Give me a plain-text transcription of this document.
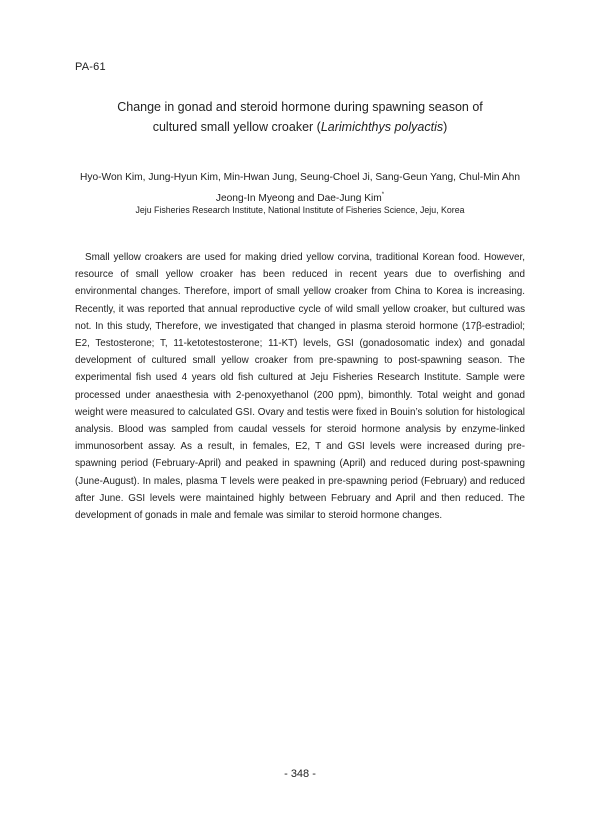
PA-61
Change in gonad and steroid hormone during spawning season of
cultured small yellow croaker (Larimichthys polyactis)
Hyo-Won Kim, Jung-Hyun Kim, Min-Hwan Jung, Seung-Choel Ji, Sang-Geun Yang, Chul-Min Ahn
Jeong-In Myeong and Dae-Jung Kim*
Jeju Fisheries Research Institute, National Institute of Fisheries Science, Jeju, Korea

Small yellow croakers are used for making dried yellow corvina, traditional Korean food. However, resource of small yellow croaker has been reduced in recent years due to overfishing and environmental changes. Therefore, import of small yellow croaker from China to Korea is increasing. Recently, it was reported that annual reproductive cycle of wild small yellow croaker, but cultured was not. In this study, Therefore, we investigated that changed in plasma steroid hormone (17β-estradiol; E2, Testosterone; T, 11-ketotestosterone; 11-KT) levels, GSI (gonadosomatic index) and gonadal development of cultured small yellow croaker from pre-spawning to post-spawning season. The experimental fish used 4 years old fish cultured at Jeju Fisheries Research Institute. Sample were processed under anaesthesia with 2-penoxyethanol (200 ppm), bimonthly. Total weight and gonad weight were measured to calculated GSI. Ovary and testis were fixed in Bouin’s solution for histological analysis. Blood was sampled from caudal vessels for steroid hormone analysis by enzyme-linked immunosorbent assay. As a result, in females, E2, T and GSI levels were increased during pre-spawning period (February-April) and peaked in spawning (April) and reduced during post-spawning (June-August). In males, plasma T levels were peaked in pre-spawning period (February) and reduced after June. GSI levels were maintained highly between February and April and then reduced. The development of gonads in male and female was similar to steroid hormone changes.

- 348 -
